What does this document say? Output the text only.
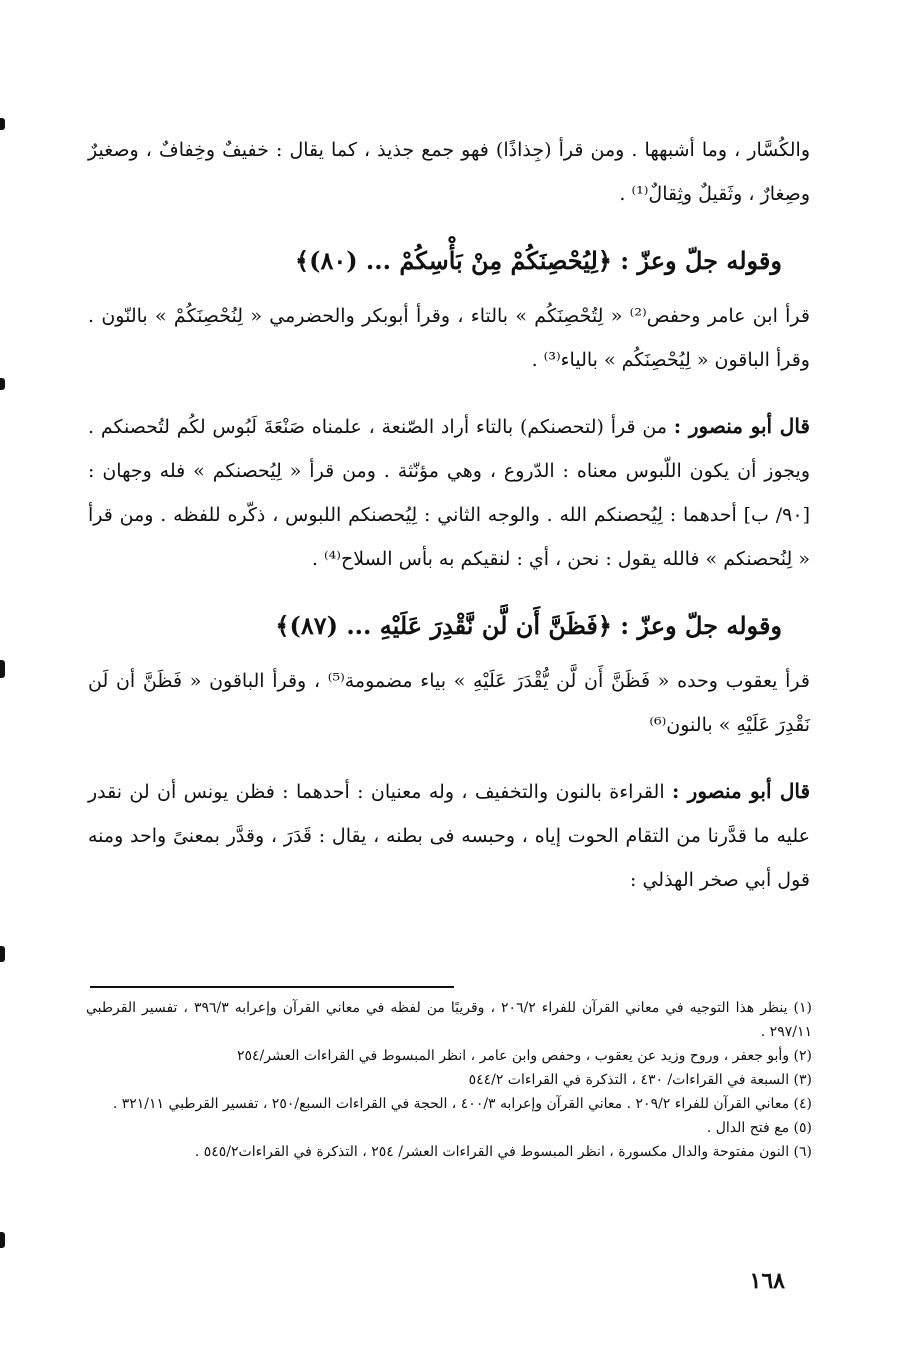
والكُسَّار ، وما أشبهها . ومن قرأ (جِذاذًا) فهو جمع جذيذ ، كما يقال : خفيفٌ وخِفافٌ ، وصغيرٌ وصِغارٌ ، وثَقيلٌ وثِقالٌ⁽¹⁾ .

وقوله جلّ وعزّ : ﴿لِيُحْصِنَكُمْ مِنْ بَأْسِكُمْ ... (٨٠)﴾

قرأ ابن عامر وحفص⁽²⁾ « لِتُحْصِنَكُم » بالتاء ، وقرأ أبوبكر والحضرمي « لِنُحْصِنَكُمْ » بالنّون . وقرأ الباقون « لِيُحْصِنَكُم » بالياء⁽³⁾ .

قال أبو منصور : من قرأ (لتحصنكم) بالتاء أراد الصّنعة ، علمناه صَنْعَةَ لَبُوس لكُم لتُحصنكم . ويجوز أن يكون اللّبوس معناه : الدّروع ، وهي مؤنّثة . ومن قرأ « لِيُحصنكم » فله وجهان : [٩٠/ ب] أحدهما : لِيُحصنكم الله . والوجه الثاني : لِيُحصنكم اللبوس ، ذكّره للفظه . ومن قرأ « لِنُحصنكم » فالله يقول : نحن ، أي : لنقيكم به بأس السلاح⁽⁴⁾ .

وقوله جلّ وعزّ : ﴿فَظَنَّ أَن لَّن نَّقْدِرَ عَلَيْهِ ... (٨٧)﴾

قرأ يعقوب وحده « فَظَنَّ أَن لَّن يُّقْدَرَ عَلَيْهِ » بياء مضمومة⁽⁵⁾ ، وقرأ الباقون « فَظَنَّ أن لَن نَقْدِرَ عَلَيْهِ » بالنون⁽⁶⁾

قال أبو منصور : القراءة بالنون والتخفيف ، وله معنيان : أحدهما : فظن يونس أن لن نقدر عليه ما قدَّرنا من التقام الحوت إياه ، وحبسه فى بطنه ، يقال : قَدَرَ ، وقدَّر بمعنىً واحد ومنه قول أبي صخر الهذلي :

(١) ينظر هذا التوجيه في معاني القرآن للفراء ٢٠٦/٢ ، وقريبًا من لفظه في معاني القرآن وإعرابه ٣٩٦/٣ ، تفسير القرطبي ٢٩٧/١١ .

(٢) وأبو جعفر ، وروح وزيد عن يعقوب ، وحفص وابن عامر ، انظر المبسوط في القراءات العشر/٢٥٤

(٣) السبعة في القراءات/ ٤٣٠ ، التذكرة في القراءات ٥٤٤/٢

(٤) معاني القرآن للفراء ٢٠٩/٢ . معاني القرآن وإعرابه ٤٠٠/٣ ، الحجة في القراءات السبع/٢٥٠ ، تفسير القرطبي ٣٢١/١١ .

(٥) مع فتح الدال .

(٦) النون مفتوحة والدال مكسورة ، انظر المبسوط في القراءات العشر/ ٢٥٤ ، التذكرة في القراءات٥٤٥/٢ .

١٦٨
